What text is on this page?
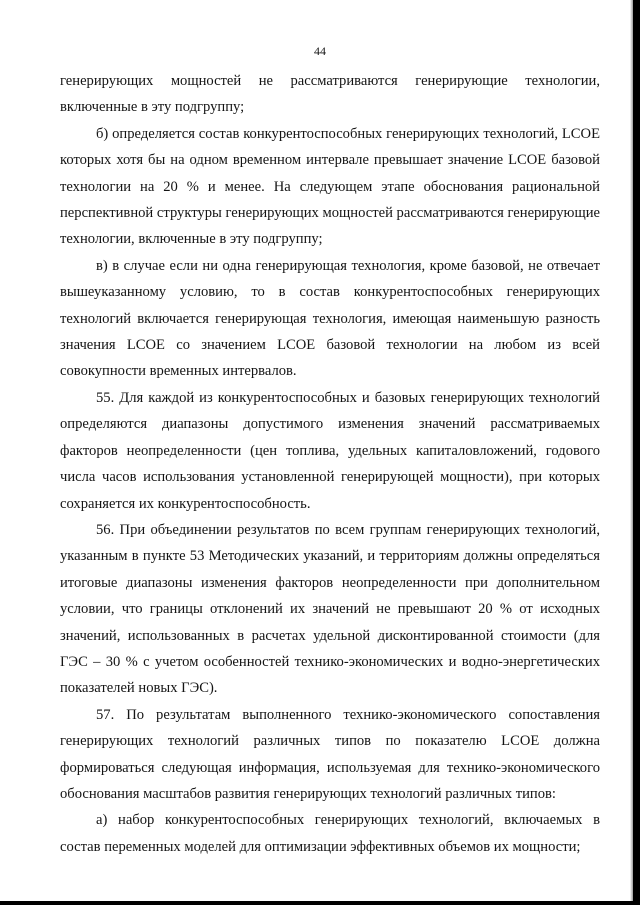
44

генерирующих мощностей не рассматриваются генерирующие технологии, включенные в эту подгруппу;

б) определяется состав конкурентоспособных генерирующих технологий, LCOE которых хотя бы на одном временном интервале превышает значение LCOE базовой технологии на 20 % и менее. На следующем этапе обоснования рациональной перспективной структуры генерирующих мощностей рассматриваются генерирующие технологии, включенные в эту подгруппу;

в) в случае если ни одна генерирующая технология, кроме базовой, не отвечает вышеуказанному условию, то в состав конкурентоспособных генерирующих технологий включается генерирующая технология, имеющая наименьшую разность значения LCOE со значением LCOE базовой технологии на любом из всей совокупности временных интервалов.

55. Для каждой из конкурентоспособных и базовых генерирующих технологий определяются диапазоны допустимого изменения значений рассматриваемых факторов неопределенности (цен топлива, удельных капиталовложений, годового числа часов использования установленной генерирующей мощности), при которых сохраняется их конкурентоспособность.

56. При объединении результатов по всем группам генерирующих технологий, указанным в пункте 53 Методических указаний, и территориям должны определяться итоговые диапазоны изменения факторов неопределенности при дополнительном условии, что границы отклонений их значений не превышают 20 % от исходных значений, использованных в расчетах удельной дисконтированной стоимости (для ГЭС – 30 % с учетом особенностей технико-экономических и водно-энергетических показателей новых ГЭС).

57. По результатам выполненного технико-экономического сопоставления генерирующих технологий различных типов по показателю LCOE должна формироваться следующая информация, используемая для технико-экономического обоснования масштабов развития генерирующих технологий различных типов:

а) набор конкурентоспособных генерирующих технологий, включаемых в состав переменных моделей для оптимизации эффективных объемов их мощности;
